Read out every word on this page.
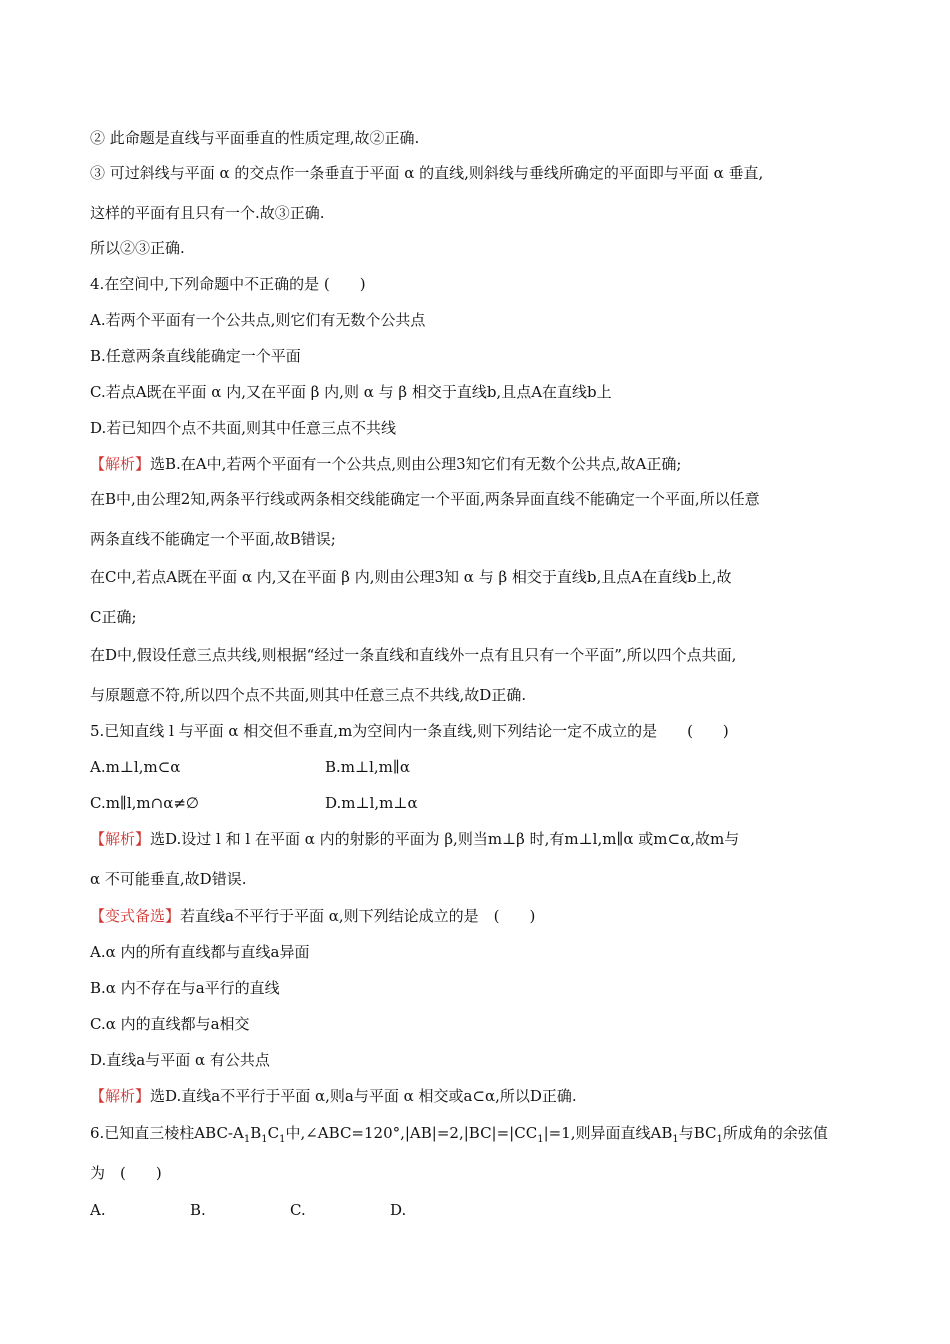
② 此命题是直线与平面垂直的性质定理,故②正确.
③ 可过斜线与平面 α 的交点作一条垂直于平面 α 的直线,则斜线与垂线所确定的平面即与平面 α 垂直,
这样的平面有且只有一个.故③正确.
所以②③正确.
4.在空间中,下列命题中不正确的是 (　　)
A.若两个平面有一个公共点,则它们有无数个公共点
B.任意两条直线能确定一个平面
C.若点A既在平面 α 内,又在平面 β 内,则 α 与 β 相交于直线b,且点A在直线b上
D.若已知四个点不共面,则其中任意三点不共线
【解析】选B.在A中,若两个平面有一个公共点,则由公理3知它们有无数个公共点,故A正确;
在B中,由公理2知,两条平行线或两条相交线能确定一个平面,两条异面直线不能确定一个平面,所以任意
两条直线不能确定一个平面,故B错误;
在C中,若点A既在平面 α 内,又在平面 β 内,则由公理3知 α 与 β 相交于直线b,且点A在直线b上,故
C正确;
在D中,假设任意三点共线,则根据“经过一条直线和直线外一点有且只有一个平面”,所以四个点共面,
与原题意不符,所以四个点不共面,则其中任意三点不共线,故D正确.
5.已知直线 l 与平面 α 相交但不垂直,m为空间内一条直线,则下列结论一定不成立的是　　(　　)
A.m⊥l,m⊂α	B.m⊥l,m∥α
C.m∥l,m∩α≠∅	D.m⊥l,m⊥α
【解析】选D.设过 l 和 l 在平面 α 内的射影的平面为 β,则当m⊥β 时,有m⊥l,m∥α 或m⊂α,故m与
α 不可能垂直,故D错误.
【变式备选】若直线a不平行于平面 α,则下列结论成立的是　(　　)
A.α 内的所有直线都与直线a异面
B.α 内不存在与a平行的直线
C.α 内的直线都与a相交
D.直线a与平面 α 有公共点
【解析】选D.直线a不平行于平面 α,则a与平面 α 相交或a⊂α,所以D正确.
6.已知直三棱柱ABC-$A_1B_1C_1$中$,\angle ABC=120^\circ,|AB|=2,|BC|=|CC_1|=1$,则异面直线$AB_1$与$BC_1$所成角的余弦值
为　(　　)
A.	B.	C.	D.
